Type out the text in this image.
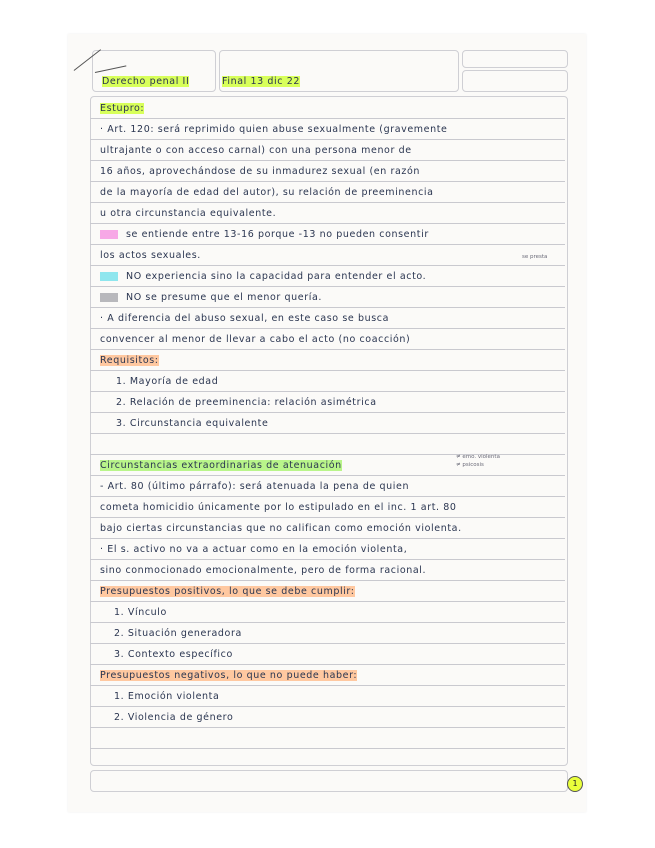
Derecho penal II	Final 13 dic 22
Estupro:
· Art. 120: será reprimido quien abuse sexualmente (gravemente
ultrajante o con acceso carnal) con una persona menor de
16 años, aprovechándose de su inmadurez sexual (en razón
de la mayoría de edad del autor), su relación de preeminencia
u otra circunstancia equivalente.
se entiende entre 13-16 porque -13 no pueden consentir
los actos sexuales.
NO experiencia sino la capacidad para entender el acto.
NO se presume que el menor quería.
· A diferencia del abuso sexual, en este caso se busca
convencer al menor de llevar a cabo el acto (no coacción)
Requisitos:
1. Mayoría de edad
2. Relación de preeminencia: relación asimétrica
3. Circunstancia equivalente
Circunstancias extraordinarias de atenuación
- Art. 80 (último párrafo): será atenuada la pena de quien
cometa homicidio únicamente por lo estipulado en el inc. 1 art. 80
bajo ciertas circunstancias que no califican como emoción violenta.
· El s. activo no va a actuar como en la emoción violenta,
sino conmocionado emocionalmente, pero de forma racional.
Presupuestos positivos, lo que se debe cumplir:
1. Vínculo
2. Situación generadora
3. Contexto específico
Presupuestos negativos, lo que no puede haber:
1. Emoción violenta
2. Violencia de género
se presta
≠ emo. violenta
≠ psicosis
1
